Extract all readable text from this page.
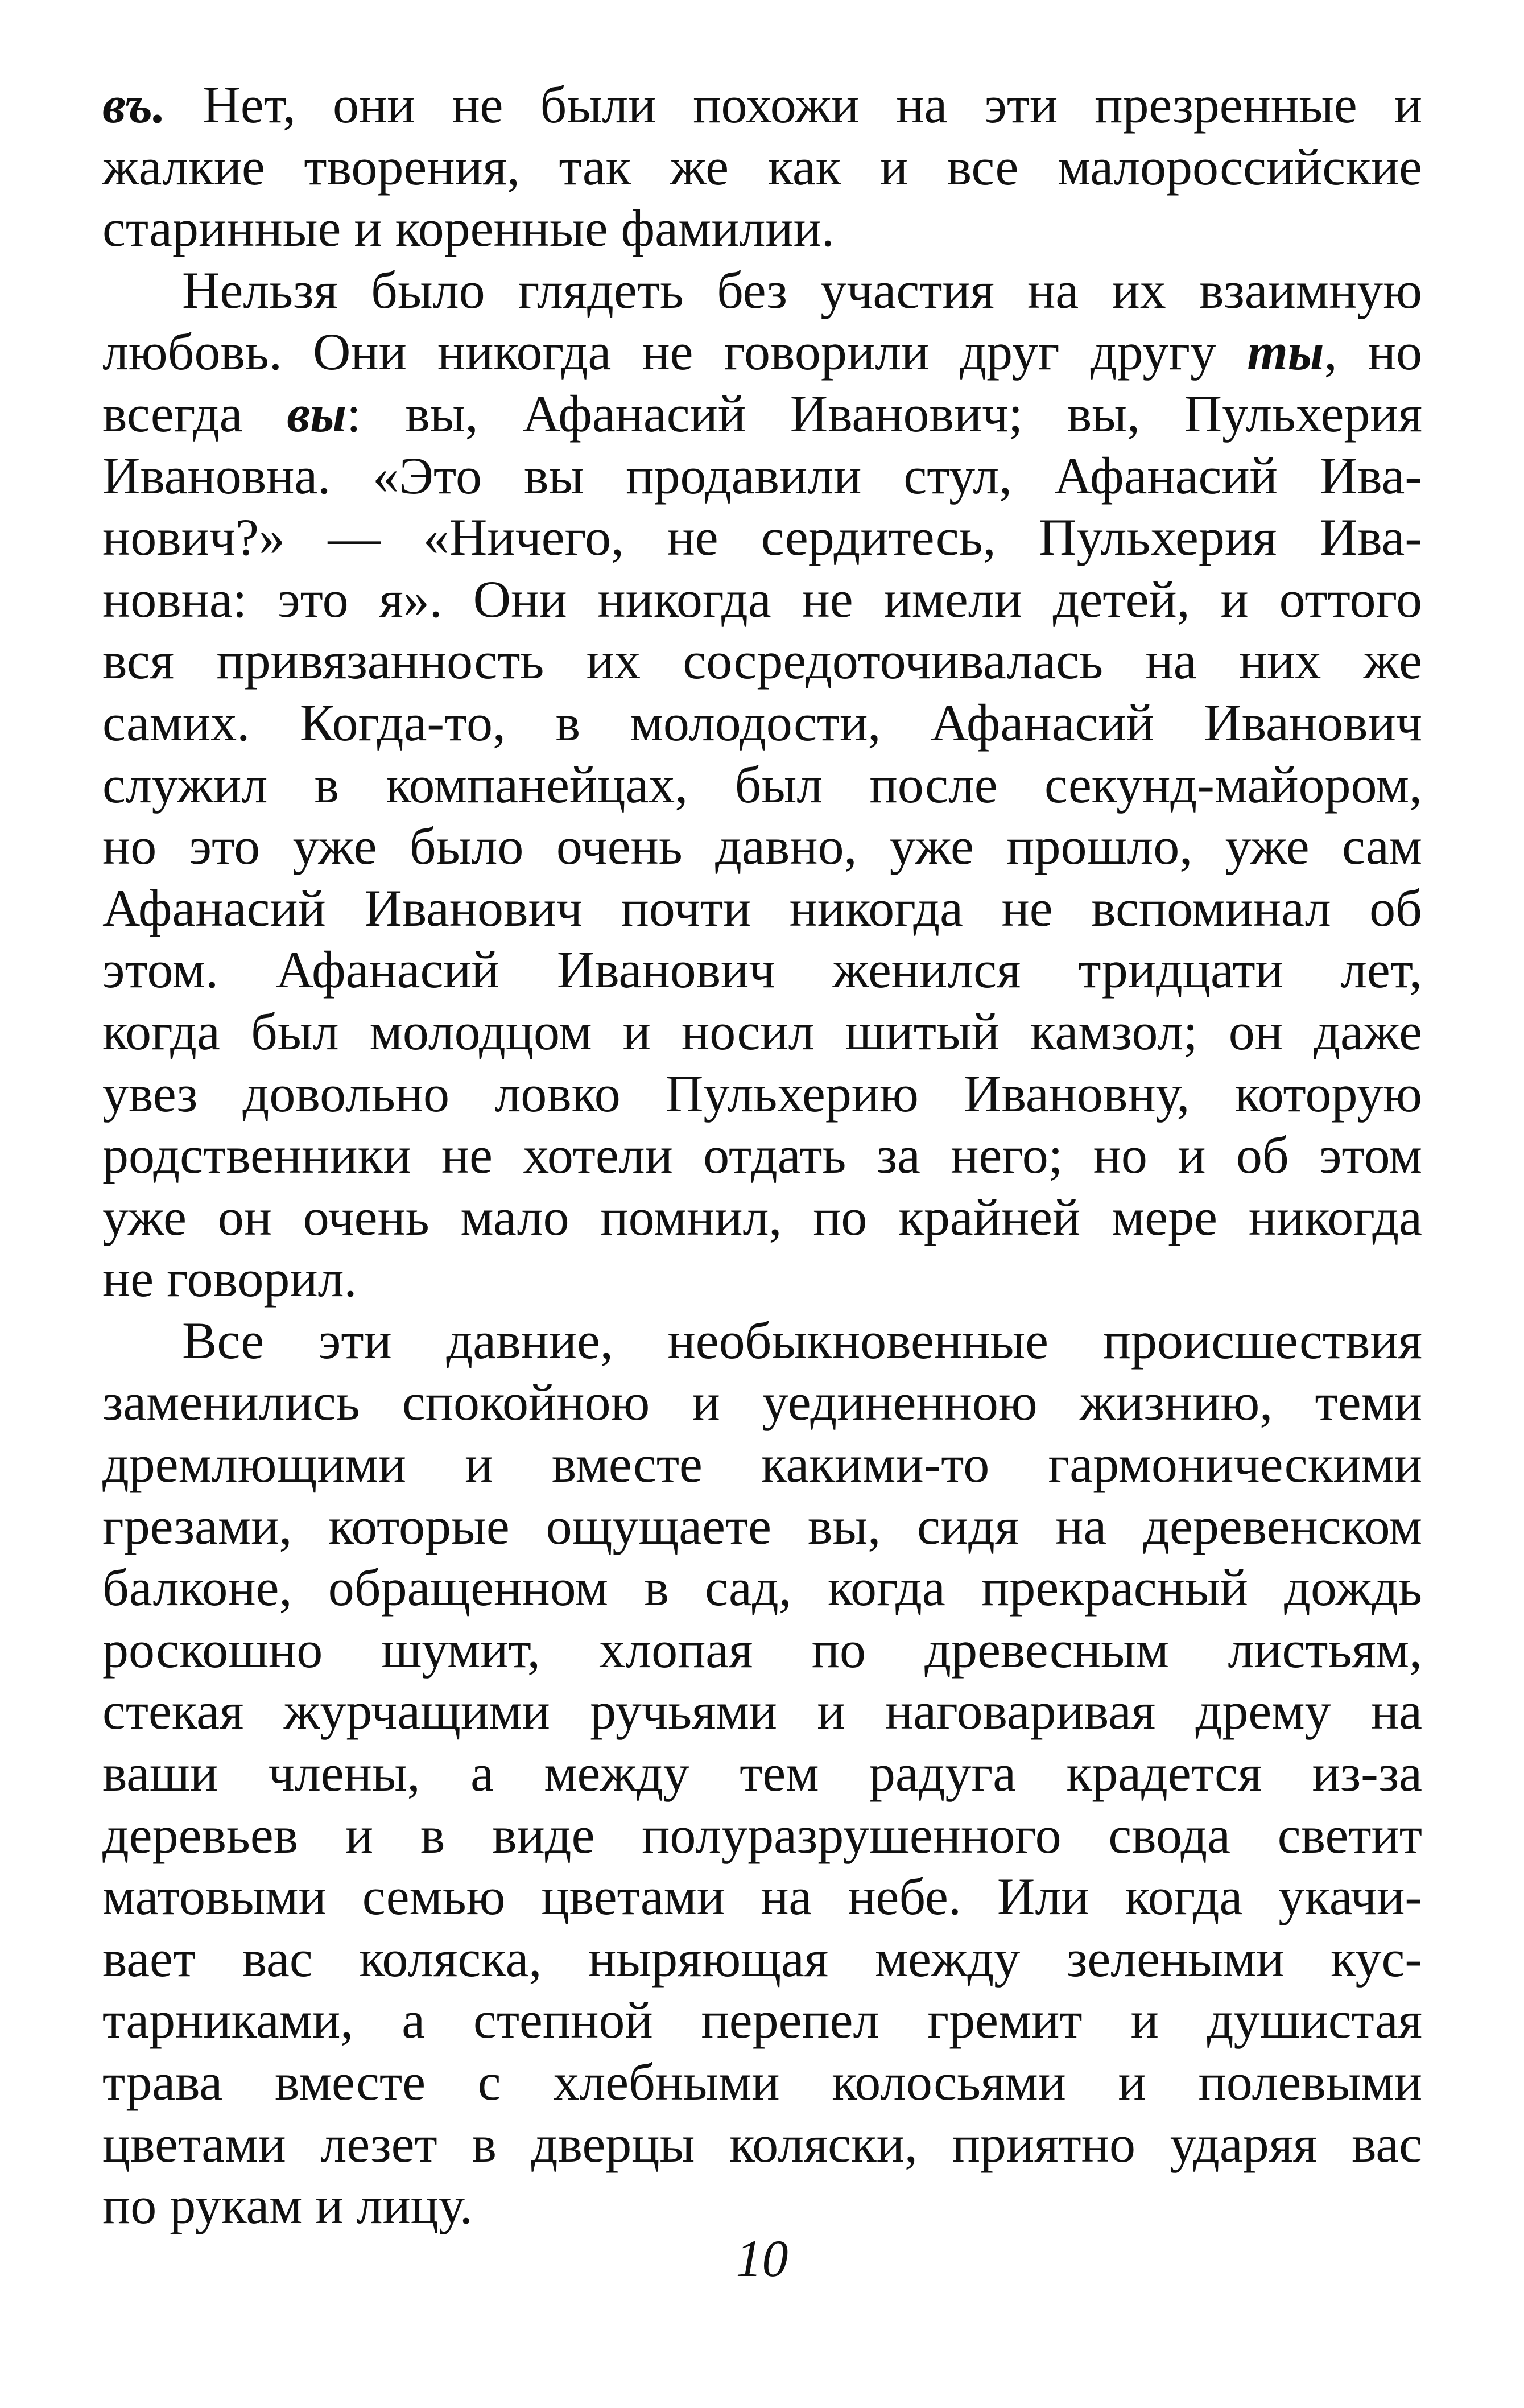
въ. Нет, они не были похожи на эти презренные и
жалкие творения, так же как и все малороссийские
старинные и коренные фамилии.
Нельзя было глядеть без участия на их взаимную
любовь. Они никогда не говорили друг другу ты, но
всегда вы: вы, Афанасий Иванович; вы, Пульхерия
Ивановна. «Это вы продавили стул, Афанасий Ива-
нович?» — «Ничего, не сердитесь, Пульхерия Ива-
новна: это я». Они никогда не имели детей, и оттого
вся привязанность их сосредоточивалась на них же
самих. Когда-то, в молодости, Афанасий Иванович
служил в компанейцах, был после секунд-майором,
но это уже было очень давно, уже прошло, уже сам
Афанасий Иванович почти никогда не вспоминал об
этом. Афанасий Иванович женился тридцати лет,
когда был молодцом и носил шитый камзол; он даже
увез довольно ловко Пульхерию Ивановну, которую
родственники не хотели отдать за него; но и об этом
уже он очень мало помнил, по крайней мере никогда
не говорил.
Все эти давние, необыкновенные происшествия
заменились спокойною и уединенною жизнию, теми
дремлющими и вместе какими-то гармоническими
грезами, которые ощущаете вы, сидя на деревенском
балконе, обращенном в сад, когда прекрасный дождь
роскошно шумит, хлопая по древесным листьям,
стекая журчащими ручьями и наговаривая дрему на
ваши члены, а между тем радуга крадется из-за
деревьев и в виде полуразрушенного свода светит
матовыми семью цветами на небе. Или когда укачи-
вает вас коляска, ныряющая между зелеными кус-
тарниками, а степной перепел гремит и душистая
трава вместе с хлебными колосьями и полевыми
цветами лезет в дверцы коляски, приятно ударяя вас
по рукам и лицу.
10
